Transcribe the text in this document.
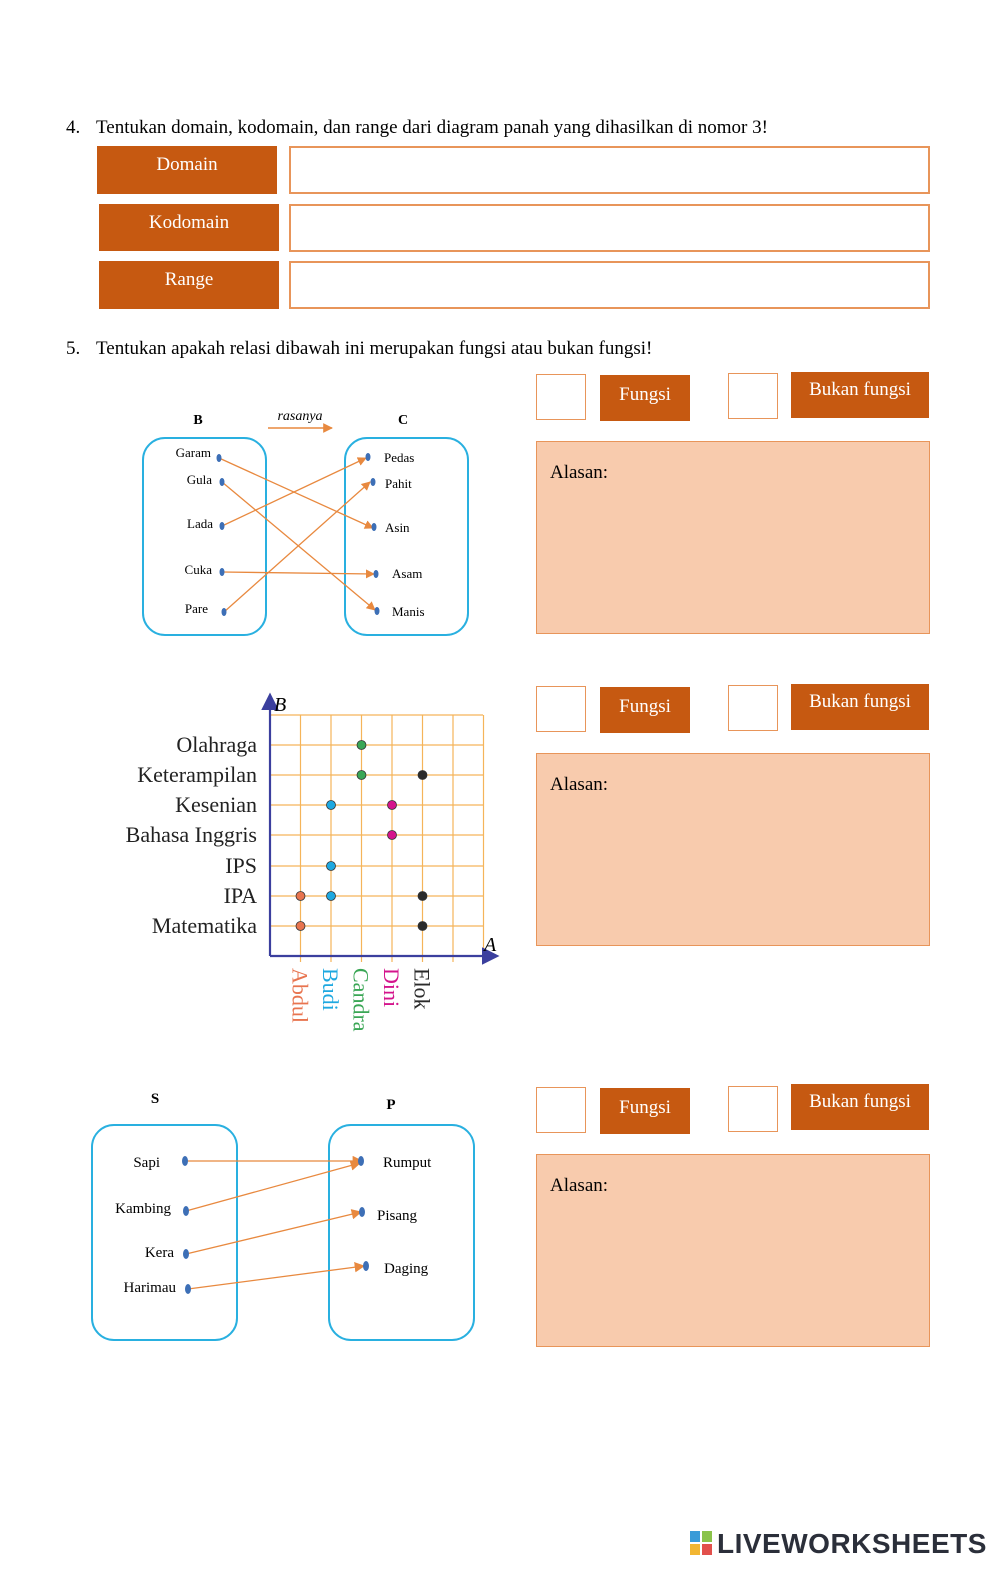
4. Tentukan domain, kodomain, dan range dari diagram panah yang dihasilkan di nomor 3!
Domain
Kodomain
Range
5. Tentukan apakah relasi dibawah ini merupakan fungsi atau bukan fungsi!
B	C
rasanya
Garam
Gula
Lada
Cuka
Pare
Pedas
Pahit
Asin
Asam
Manis
Fungsi	Bukan fungsi
Alasan:
B
A
Olahraga
Keterampilan
Kesenian
Bahasa Inggris
IPS
IPA
Matematika
Abdul Budi Candra Dini Elok
Fungsi	Bukan fungsi
Alasan:
S	P
Sapi
Kambing
Kera
Harimau
Rumput
Pisang
Daging
Fungsi	Bukan fungsi
Alasan:
LIVEWORKSHEETS
